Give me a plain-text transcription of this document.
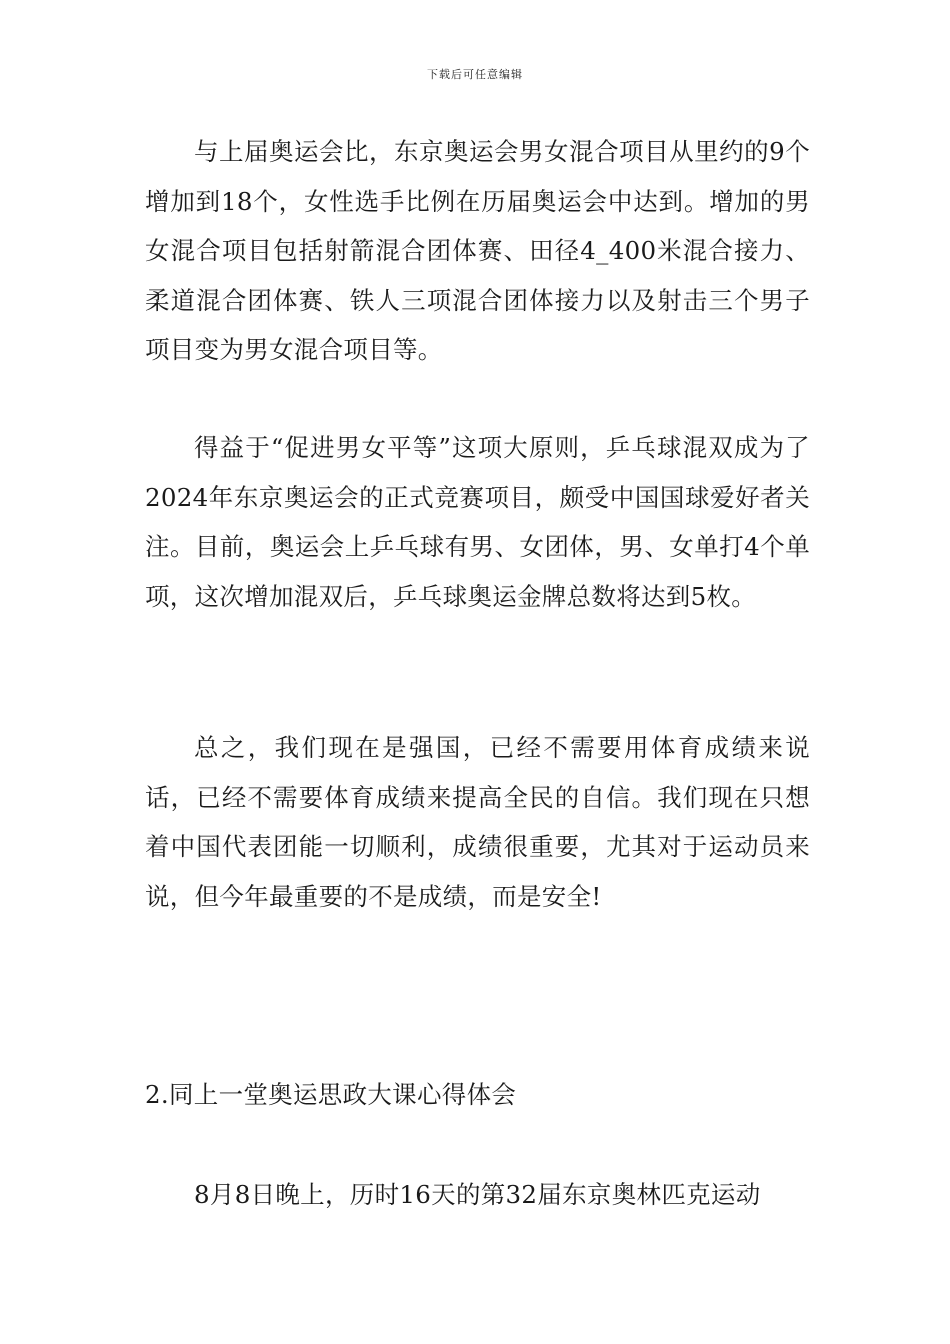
下载后可任意编辑

与上届奥运会比，东京奥运会男女混合项目从里约的9个增加到18个，女性选手比例在历届奥运会中达到。增加的男女混合项目包括射箭混合团体赛、田径4_400米混合接力、柔道混合团体赛、铁人三项混合团体接力以及射击三个男子项目变为男女混合项目等。

得益于“促进男女平等”这项大原则，乒乓球混双成为了2024年东京奥运会的正式竞赛项目，颇受中国国球爱好者关注。目前，奥运会上乒乓球有男、女团体，男、女单打4个单项，这次增加混双后，乒乓球奥运金牌总数将达到5枚。

总之，我们现在是强国，已经不需要用体育成绩来说话，已经不需要体育成绩来提高全民的自信。我们现在只想着中国代表团能一切顺利，成绩很重要，尤其对于运动员来说，但今年最重要的不是成绩，而是安全!

2.同上一堂奥运思政大课心得体会

8月8日晚上，历时16天的第32届东京奥林匹克运动
